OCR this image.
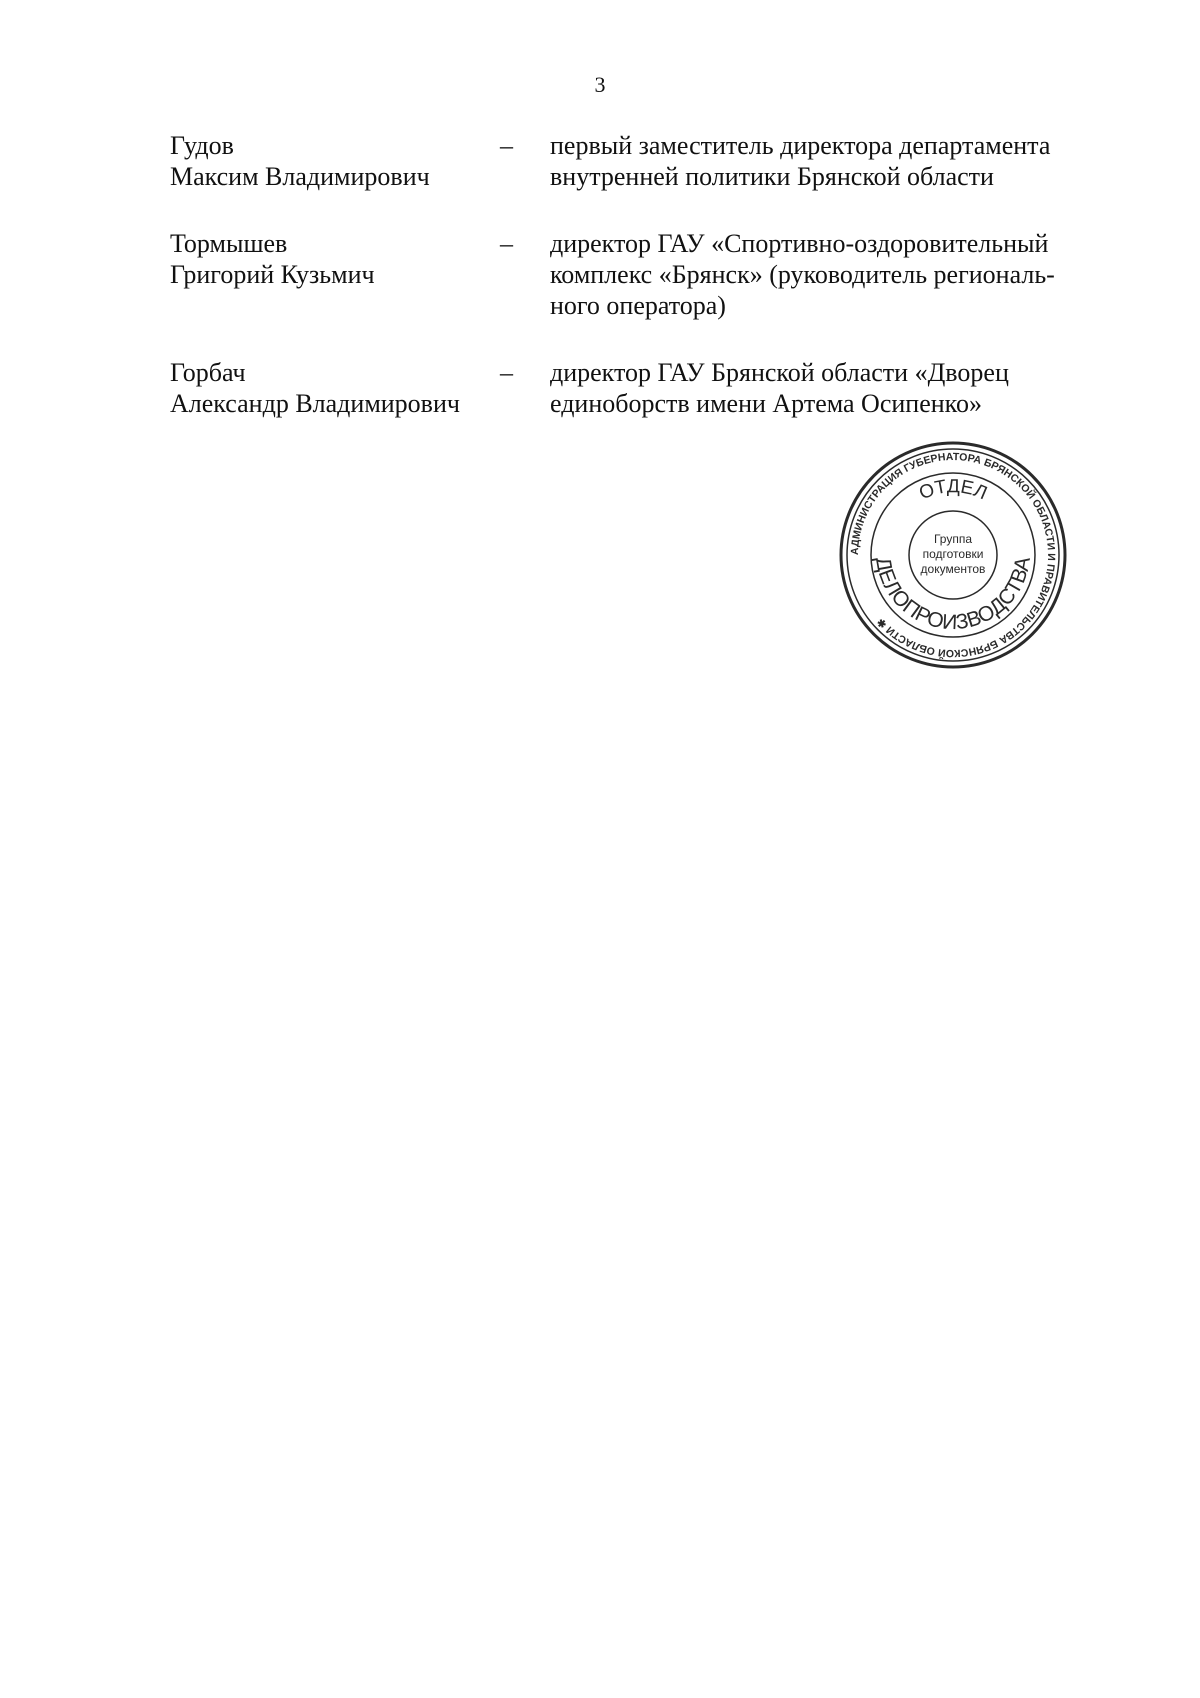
3
Гудов
Максим Владимирович
–	первый заместитель директора департамента
внутренней политики Брянской области
Тормышев
Григорий Кузьмич
–	директор ГАУ «Спортивно-оздоровительный
комплекс «Брянск» (руководитель региональ-
ного оператора)
Горбач
Александр Владимирович
–	директор ГАУ Брянской области «Дворец
единоборств имени Артема Осипенко»
АДМИНИСТРАЦИЯ ГУБЕРНАТОРА БРЯНСКОЙ ОБЛАСТИ И ПРАВИТЕЛЬСТВА БРЯНСКОЙ ОБЛАСТИ ✱
ОТДЕЛ
ДЕЛОПРОИЗВОДСТВА
Группа
подготовки
документов
